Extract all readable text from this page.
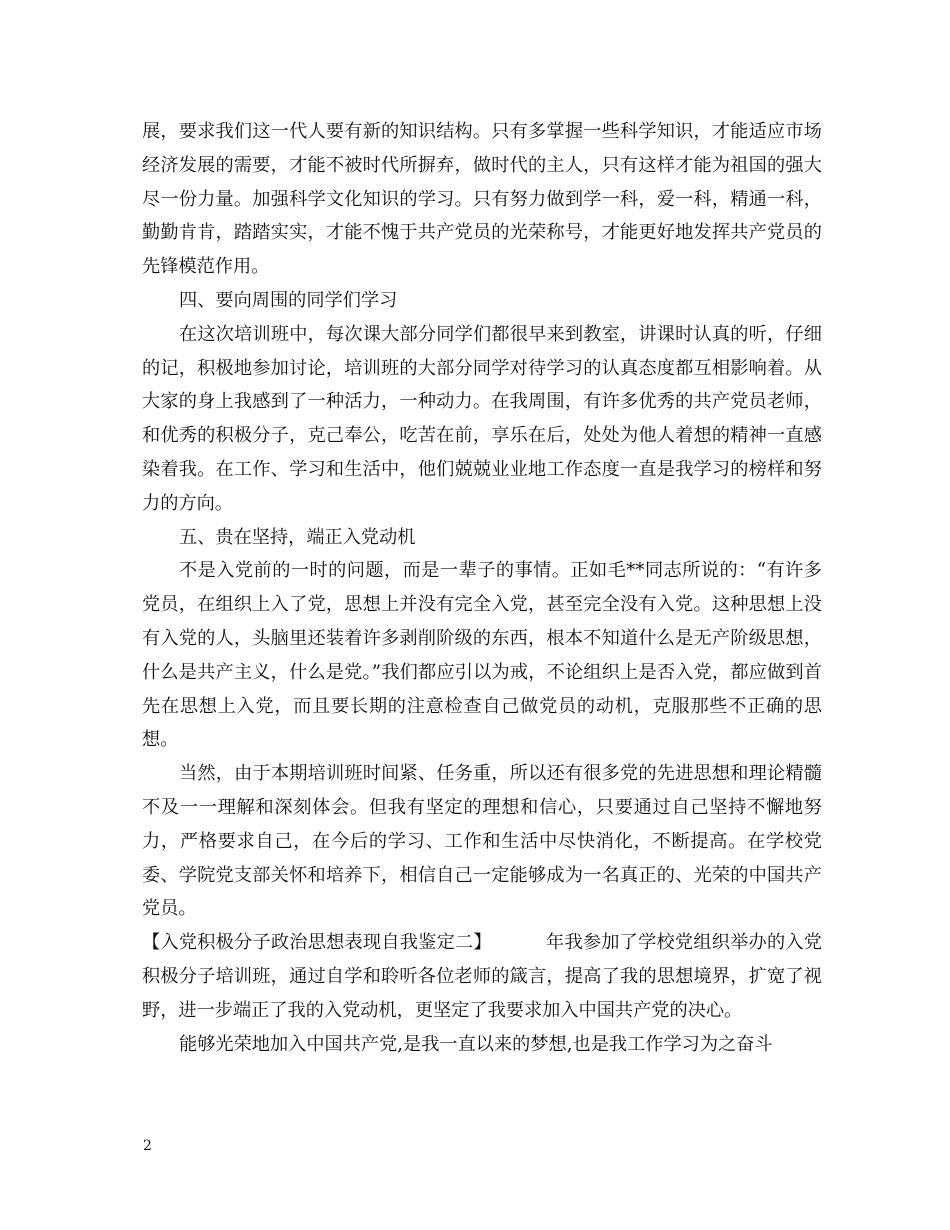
展，要求我们这一代人要有新的知识结构。只有多掌握一些科学知识，才能适应市场经济发展的需要，才能不被时代所摒弃，做时代的主人，只有这样才能为祖国的强大尽一份力量。加强科学文化知识的学习。只有努力做到学一科，爱一科，精通一科，勤勤肯肯，踏踏实实，才能不愧于共产党员的光荣称号，才能更好地发挥共产党员的先锋模范作用。

四、要向周围的同学们学习

在这次培训班中，每次课大部分同学们都很早来到教室，讲课时认真的听，仔细的记，积极地参加讨论，培训班的大部分同学对待学习的认真态度都互相影响着。从大家的身上我感到了一种活力，一种动力。在我周围，有许多优秀的共产党员老师，和优秀的积极分子，克己奉公，吃苦在前，享乐在后，处处为他人着想的精神一直感染着我。在工作、学习和生活中，他们兢兢业业地工作态度一直是我学习的榜样和努力的方向。

五、贵在坚持，端正入党动机

不是入党前的一时的问题，而是一辈子的事情。正如毛**同志所说的：“有许多党员，在组织上入了党，思想上并没有完全入党，甚至完全没有入党。这种思想上没有入党的人，头脑里还装着许多剥削阶级的东西，根本不知道什么是无产阶级思想，什么是共产主义，什么是党。”我们都应引以为戒，不论组织上是否入党，都应做到首先在思想上入党，而且要长期的注意检查自己做党员的动机，克服那些不正确的思想。

当然，由于本期培训班时间紧、任务重，所以还有很多党的先进思想和理论精髓不及一一理解和深刻体会。但我有坚定的理想和信心，只要通过自己坚持不懈地努力，严格要求自己，在今后的学习、工作和生活中尽快消化，不断提高。在学校党委、学院党支部关怀和培养下，相信自己一定能够成为一名真正的、光荣的中国共产党员。

【入党积极分子政治思想表现自我鉴定二】	年我参加了学校党组织举办的入党积极分子培训班，通过自学和聆听各位老师的箴言，提高了我的思想境界，扩宽了视野，进一步端正了我的入党动机，更坚定了我要求加入中国共产党的决心。

能够光荣地加入中国共产党,是我一直以来的梦想,也是我工作学习为之奋斗

2
